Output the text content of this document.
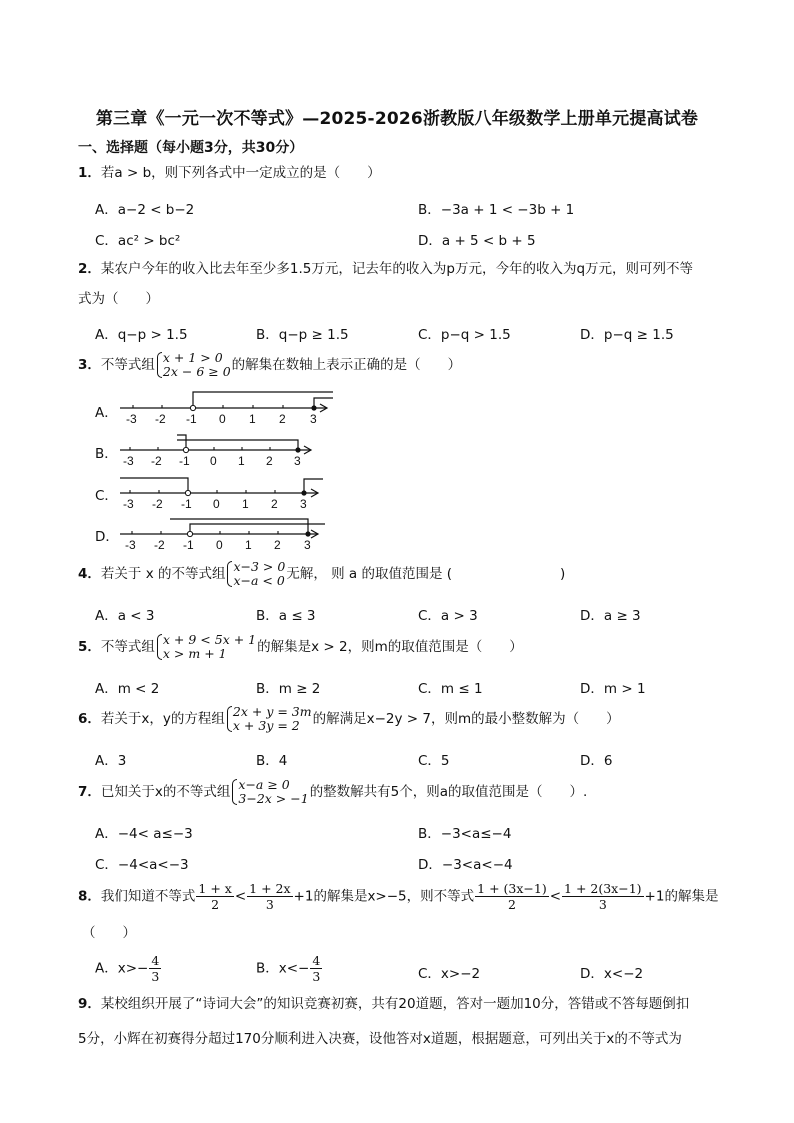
第三章《一元一次不等式》—2025-2026浙教版八年级数学上册单元提高试卷
一、选择题（每小题3分，共30分）
1．若a > b，则下列各式中一定成立的是（　　）
A．a−2 < b−2	B．−3a + 1 < −3b + 1
C．ac² > bc²	D．a + 5 < b + 5
2．某农户今年的收入比去年至少多1.5万元，记去年的收入为p万元，今年的收入为q万元，则可列不等
式为（　　）
A．q−p > 1.5	B．q−p ≥ 1.5	C．p−q > 1.5	D．p−q ≥ 1.5
3．不等式组 x + 1 > 0
2x − 6 ≥ 0 的解集在数轴上表示正确的是（　　）
A．
B．
C．
D．
-3 -2 -1 0 1 2 3
-3 -2 -1 0 1 2 3
-3 -2 -1 0 1 2 3
-3 -2 -1 0 1 2 3
4．若关于 x 的不等式组 x−3 > 0
x−a < 0 无解， 则 a 的取值范围是 (　　　　　　　　)
A．a < 3	B．a ≤ 3	C．a > 3	D．a ≥ 3
5．不等式组 x + 9 < 5x + 1
x > m + 1	的解集是x > 2，则m的取值范围是（　　）
A．m < 2	B．m ≥ 2	C．m ≤ 1	D．m > 1
6．若关于x，y的方程组 2x + y = 3m
x + 3y = 2 的解满足x−2y > 7，则m的最小整数解为（　　）
A．3	B．4	C．5	D．6
7．已知关于x的不等式组 x−a ≥ 0
3−2x > −1 的整数解共有5个，则a的取值范围是（　　）.
A．−4< a≤−3	B．−3<a≤−4
C．−4<a<−3	D．−3<a<−4
8．我们知道不等式 $\frac{1 + x}{2} < \frac{1 + 2x}{3} +1$的解集是x>−5，则不等式 $\frac{1 + (3x-1)}{2} < \frac{1 + 2(3x-1)}{3} +1$的解集是
（　　）
A．$x>- \frac{4}{3}$	B．$x<- \frac{4}{3}$	C．x>−2	D．x<−2
9．某校组织开展了“诗词大会”的知识竞赛初赛，共有20道题，答对一题加10分，答错或不答每题倒扣
5分，小辉在初赛得分超过170分顺利进入决赛，设他答对x道题，根据题意，可列出关于x的不等式为
